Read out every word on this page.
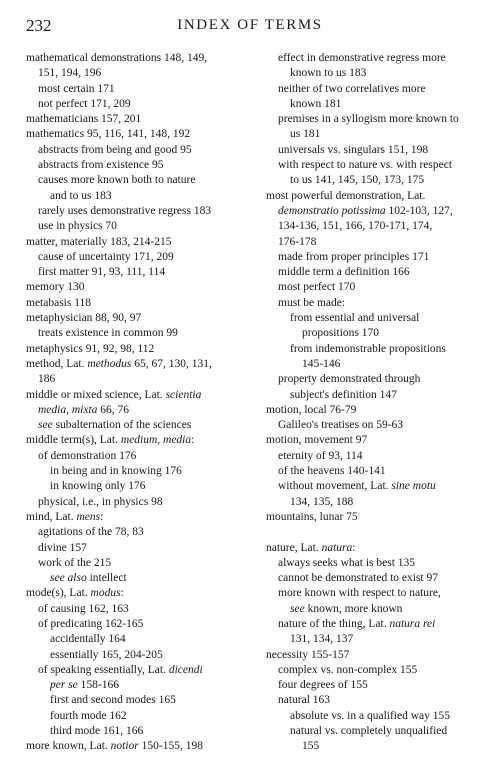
232	INDEX OF TERMS
mathematical demonstrations 148, 149,
151, 194, 196
most certain 171
not perfect 171, 209
mathematicians 157, 201
mathematics 95, 116, 141, 148, 192
abstracts from being and good 95
abstracts from existence 95
causes more known both to nature
and to us 183
rarely uses demonstrative regress 183
use in physics 70
matter, materially 183, 214-215
cause of uncertainty 171, 209
first matter 91, 93, 111, 114
memory 130
metabasis 118
metaphysician 88, 90, 97
treats existence in common 99
metaphysics 91, 92, 98, 112
method, Lat. methodus 65, 67, 130, 131,
186
middle or mixed science, Lat. scientia
media, mixta 66, 76
see subalternation of the sciences
middle term(s), Lat. medium, media:
of demonstration 176
in being and in knowing 176
in knowing only 176
physical, i.e., in physics 98
mind, Lat. mens:
agitations of the 78, 83
divine 157
work of the 215
see also intellect
mode(s), Lat. modus:
of causing 162, 163
of predicating 162-165
accidentally 164
essentially 165, 204-205
of speaking essentially, Lat. dicendi
per se 158-166
first and second modes 165
fourth mode 162
third mode 161, 166
more known, Lat. notior 150-155, 198
effect in demonstrative regress more
known to us 183
neither of two correlatives more
known 181
premises in a syllogism more known to
us 181
universals vs. singulars 151, 198
with respect to nature vs. with respect
to us 141, 145, 150, 173, 175
most powerful demonstration, Lat.
demonstratio potissima 102-103, 127,
134-136, 151, 166, 170-171, 174,
176-178
made from proper principles 171
middle term a definition 166
most perfect 170
must be made:
from essential and universal
propositions 170
from indemonstrable propositions
145-146
property demonstrated through
subject's definition 147
motion, local 76-79
Galileo's treatises on 59-63
motion, movement 97
eternity of 93, 114
of the heavens 140-141
without movement, Lat. sine motu
134, 135, 188
mountains, lunar 75
nature, Lat. natura:
always seeks what is best 135
cannot be demonstrated to exist 97
more known with respect to nature,
see known, more known
nature of the thing, Lat. natura rei
131, 134, 137
necessity 155-157
complex vs. non-complex 155
four degrees of 155
natural 163
absolute vs. in a qualified way 155
natural vs. completely unqualified
155
